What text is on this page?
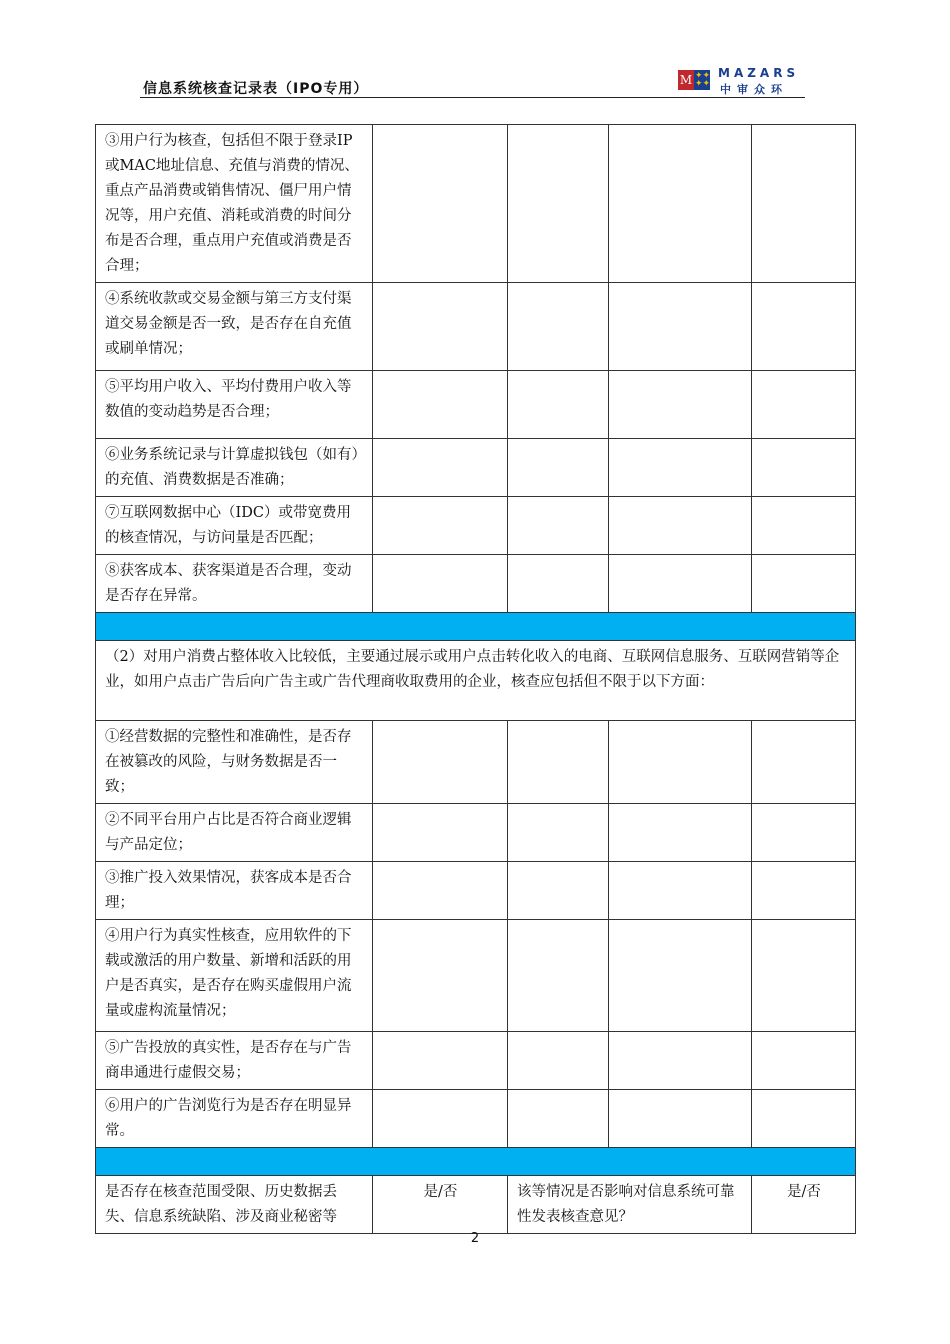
信息系统核查记录表（IPO专用）
M ✦✦
✦✦
MAZARS
中审众环
③用户行为核查，包括但不限于登录IP或MAC地址信息、充值与消费的情况、重点产品消费或销售情况、僵尸用户情况等，用户充值、消耗或消费的时间分布是否合理，重点用户充值或消费是否合理；				
④系统收款或交易金额与第三方支付渠道交易金额是否一致，是否存在自充值或刷单情况；				
⑤平均用户收入、平均付费用户收入等数值的变动趋势是否合理；				
⑥业务系统记录与计算虚拟钱包（如有）的充值、消费数据是否准确；				
⑦互联网数据中心（IDC）或带宽费用的核查情况，与访问量是否匹配；				
⑧获客成本、获客渠道是否合理，变动是否存在异常。				

（2）对用户消费占整体收入比较低，主要通过展示或用户点击转化收入的电商、互联网信息服务、互联网营销等企业，如用户点击广告后向广告主或广告代理商收取费用的企业，核查应包括但不限于以下方面：				
①经营数据的完整性和准确性，是否存在被篡改的风险，与财务数据是否一致；				
②不同平台用户占比是否符合商业逻辑与产品定位；				
③推广投入效果情况，获客成本是否合理；				
④用户行为真实性核查，应用软件的下载或激活的用户数量、新增和活跃的用户是否真实，是否存在购买虚假用户流量或虚构流量情况；				
⑤广告投放的真实性，是否存在与广告商串通进行虚假交易；				
⑥用户的广告浏览行为是否存在明显异常。				

是否存在核查范围受限、历史数据丢失、信息系统缺陷、涉及商业秘密等	是/否	该等情况是否影响对信息系统可靠性发表核查意见？		是/否
2
